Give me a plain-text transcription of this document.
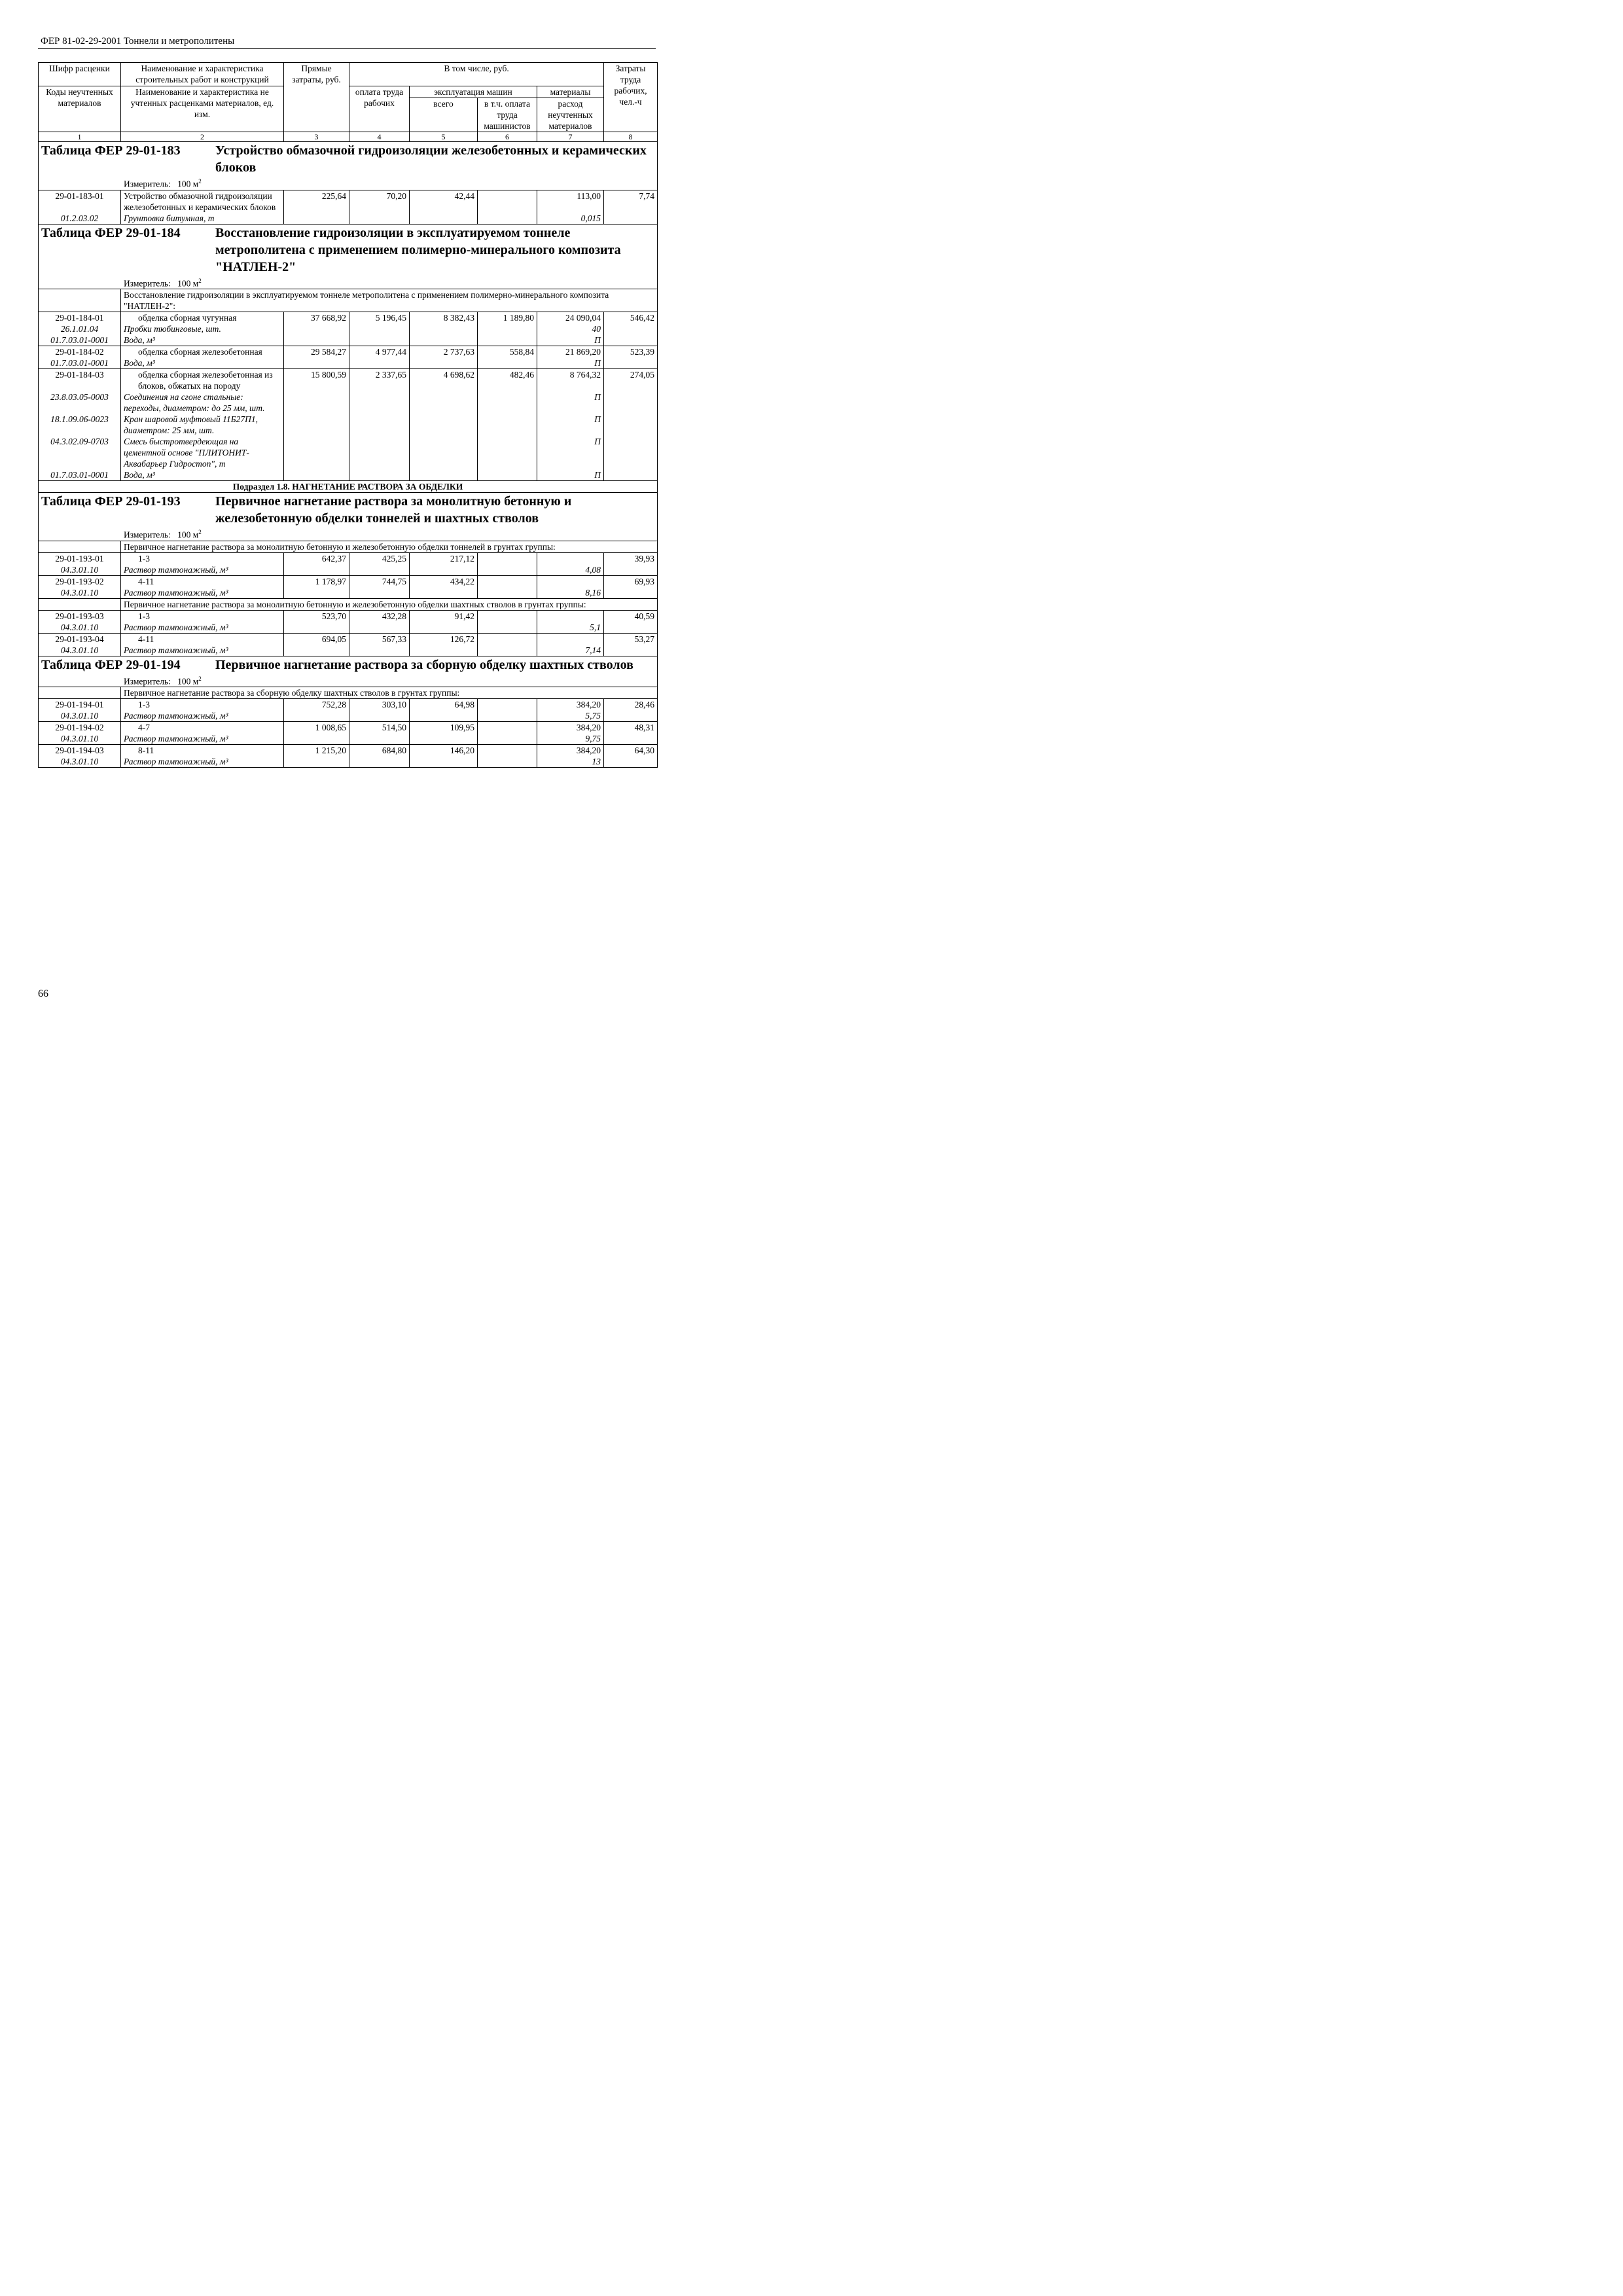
ФЕР 81-02-29-2001 Тоннели и метрополитены
Шифр расценки	Наименование и характеристика строительных работ и конструкций	Прямые затраты, руб.	В том числе, руб.				Затраты труда рабочих, чел.-ч
Коды неучтенных материалов	Наименование и характеристика не учтенных расценками материалов, ед. изм.		оплата труда рабочих	эксплуатация машин		материалы	
				всего	в т.ч. оплата труда машинистов	расход неучтенных материалов	
1	2	3	4	5	6	7	8

Таблица ФЕР 29-01-183 Устройство обмазочной гидроизоляции железобетонных и керамических блоков							

Измеритель: 100 $м^2$
29-01-183-01	Устройство обмазочной гидроизоляции железобетонных и керамических блоков	225,64	70,20	42,44		113,00	7,74
01.2.03.02	Грунтовка битумная, т					0,015	

Таблица ФЕР 29-01-184 Восстановление гидроизоляции в эксплуатируемом тоннеле метрополитена с применением полимерно-минерального композита "НАТЛЕН-2"							

Измеритель: 100 $м^2$
	Восстановление гидроизоляции в эксплуатируемом тоннеле метрополитена с применением полимерно-минерального композита "НАТЛЕН-2":						
29-01-184-01	обделка сборная чугунная	37 668,92	5 196,45	8 382,43	1 189,80	24 090,04	546,42
26.1.01.04	Пробки тюбинговые, шт.					40	
01.7.03.01-0001	Вода, м³					П	
29-01-184-02	обделка сборная железобетонная	29 584,27	4 977,44	2 737,63	558,84	21 869,20	523,39
01.7.03.01-0001	Вода, м³					П	
29-01-184-03	обделка сборная железобетонная из блоков, обжатых на породу	15 800,59	2 337,65	4 698,62	482,46	8 764,32	274,05
23.8.03.05-0003	Соединения на сгоне стальные: переходы, диаметром: до 25 мм, шт.					П	
18.1.09.06-0023	Кран шаровой муфтовый 11Б27П1, диаметром: 25 мм, шт.					П	
04.3.02.09-0703	Смесь быстротвердеющая на цементной основе "ПЛИТОНИТ-Аквабарьер Гидростоп", т					П	
01.7.03.01-0001	Вода, м³					П	
Подраздел 1.8. НАГНЕТАНИЕ РАСТВОРА ЗА ОБДЕЛКИ							

Таблица ФЕР 29-01-193 Первичное нагнетание раствора за монолитную бетонную и железобетонную обделки тоннелей и шахтных стволов							

Измеритель: 100 $м^2$
	Первичное нагнетание раствора за монолитную бетонную и железобетонную обделки тоннелей в грунтах группы:						
29-01-193-01	1-3	642,37	425,25	217,12			39,93
04.3.01.10	Раствор тампонажный, м³					4,08	
29-01-193-02	4-11	1 178,97	744,75	434,22			69,93
04.3.01.10	Раствор тампонажный, м³					8,16	
	Первичное нагнетание раствора за монолитную бетонную и железобетонную обделки шахтных стволов в грунтах группы:						
29-01-193-03	1-3	523,70	432,28	91,42			40,59
04.3.01.10	Раствор тампонажный, м³					5,1	
29-01-193-04	4-11	694,05	567,33	126,72			53,27
04.3.01.10	Раствор тампонажный, м³					7,14	

Таблица ФЕР 29-01-194 Первичное нагнетание раствора за сборную обделку шахтных стволов							

Измеритель: 100 $м^2$
	Первичное нагнетание раствора за сборную обделку шахтных стволов в грунтах группы:						
29-01-194-01	1-3	752,28	303,10	64,98		384,20	28,46
04.3.01.10	Раствор тампонажный, м³					5,75	
29-01-194-02	4-7	1 008,65	514,50	109,95		384,20	48,31
04.3.01.10	Раствор тампонажный, м³					9,75	
29-01-194-03	8-11	1 215,20	684,80	146,20		384,20	64,30
04.3.01.10	Раствор тампонажный, м³					13	
66
